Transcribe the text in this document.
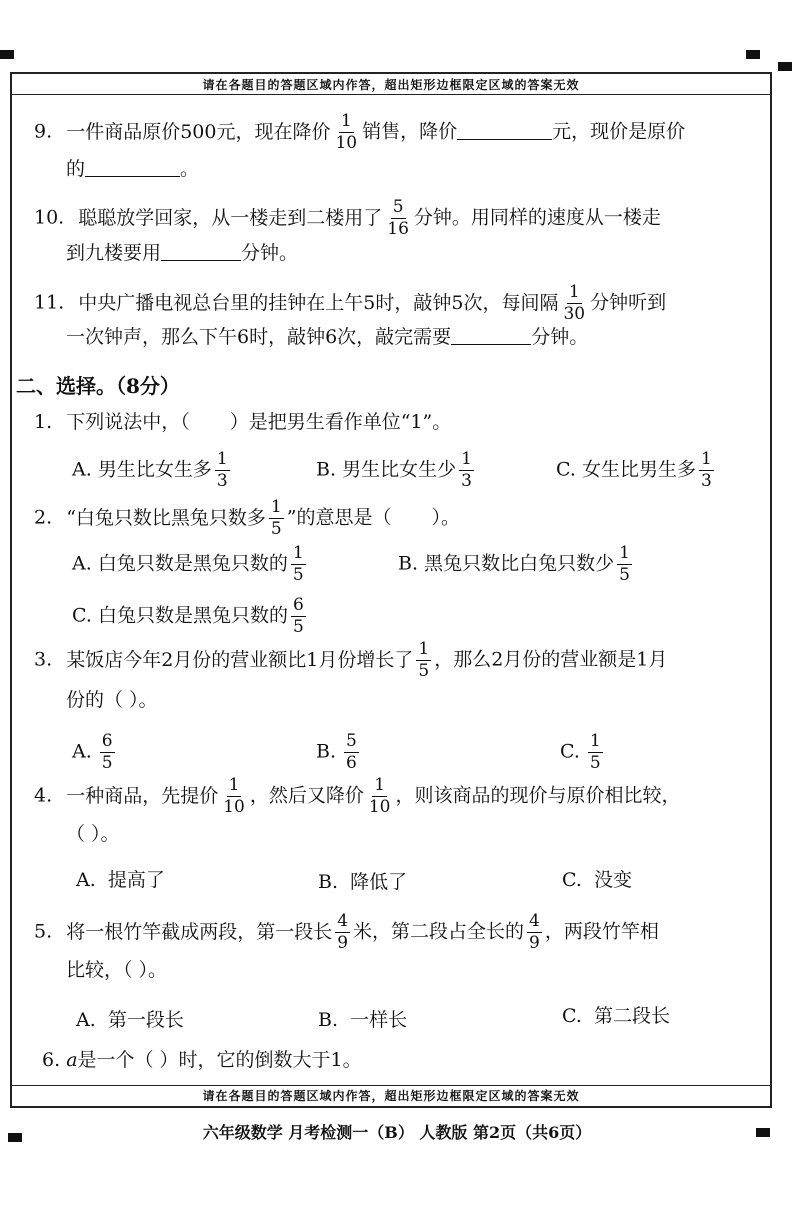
请在各题目的答题区域内作答，超出矩形边框限定区域的答案无效
请在各题目的答题区域内作答，超出矩形边框限定区域的答案无效
9. 一件商品原价500元，现在降价 $\frac{1}{10}$ 销售，降价	元，现价是原价
的	。
10. 聪聪放学回家，从一楼走到二楼用了 $\frac{5}{16}$ 分钟。用同样的速度从一楼走
到九楼要用	分钟。
11. 中央广播电视总台里的挂钟在上午5时，敲钟5次，每间隔 $\frac{1}{30}$ 分钟听到
一次钟声，那么下午6时，敲钟6次，敲完需要	分钟。
二、选择。（8分）
1. 下列说法中，（ ）是把男生看作单位“1”。
A. 男生比女生多 $\frac{1}{3}$	B. 男生比女生少 $\frac{1}{3}$	C. 女生比男生多 $\frac{1}{3}$
2. “白兔只数比黑兔只数多 $\frac{1}{5}$ ”的意思是（ ）。
A. 白兔只数是黑兔只数的 $\frac{1}{5}$	B. 黑兔只数比白兔只数少 $\frac{1}{5}$
C. 白兔只数是黑兔只数的 $\frac{6}{5}$
3. 某饭店今年2月份的营业额比1月份增长了 $\frac{1}{5}$ ，那么2月份的营业额是1月
份的（ ）。
A. $\frac{6}{5}$	B. $\frac{5}{6}$	C. $\frac{1}{5}$
4. 一种商品，先提价 $\frac{1}{10}$ ，然后又降价 $\frac{1}{10}$ ，则该商品的现价与原价相比较，
（ ）。
A. 提高了	B. 降低了	C. 没变
5. 将一根竹竿截成两段，第一段长 $\frac{4}{9}$ 米，第二段占全长的 $\frac{4}{9}$ ，两段竹竿相
比较，（ ）。
A. 第一段长	B. 一样长	C. 第二段长
6. a是一个（ ）时，它的倒数大于1。
六年级数学 月考检测一（B） 人教版 第2页（共6页）
